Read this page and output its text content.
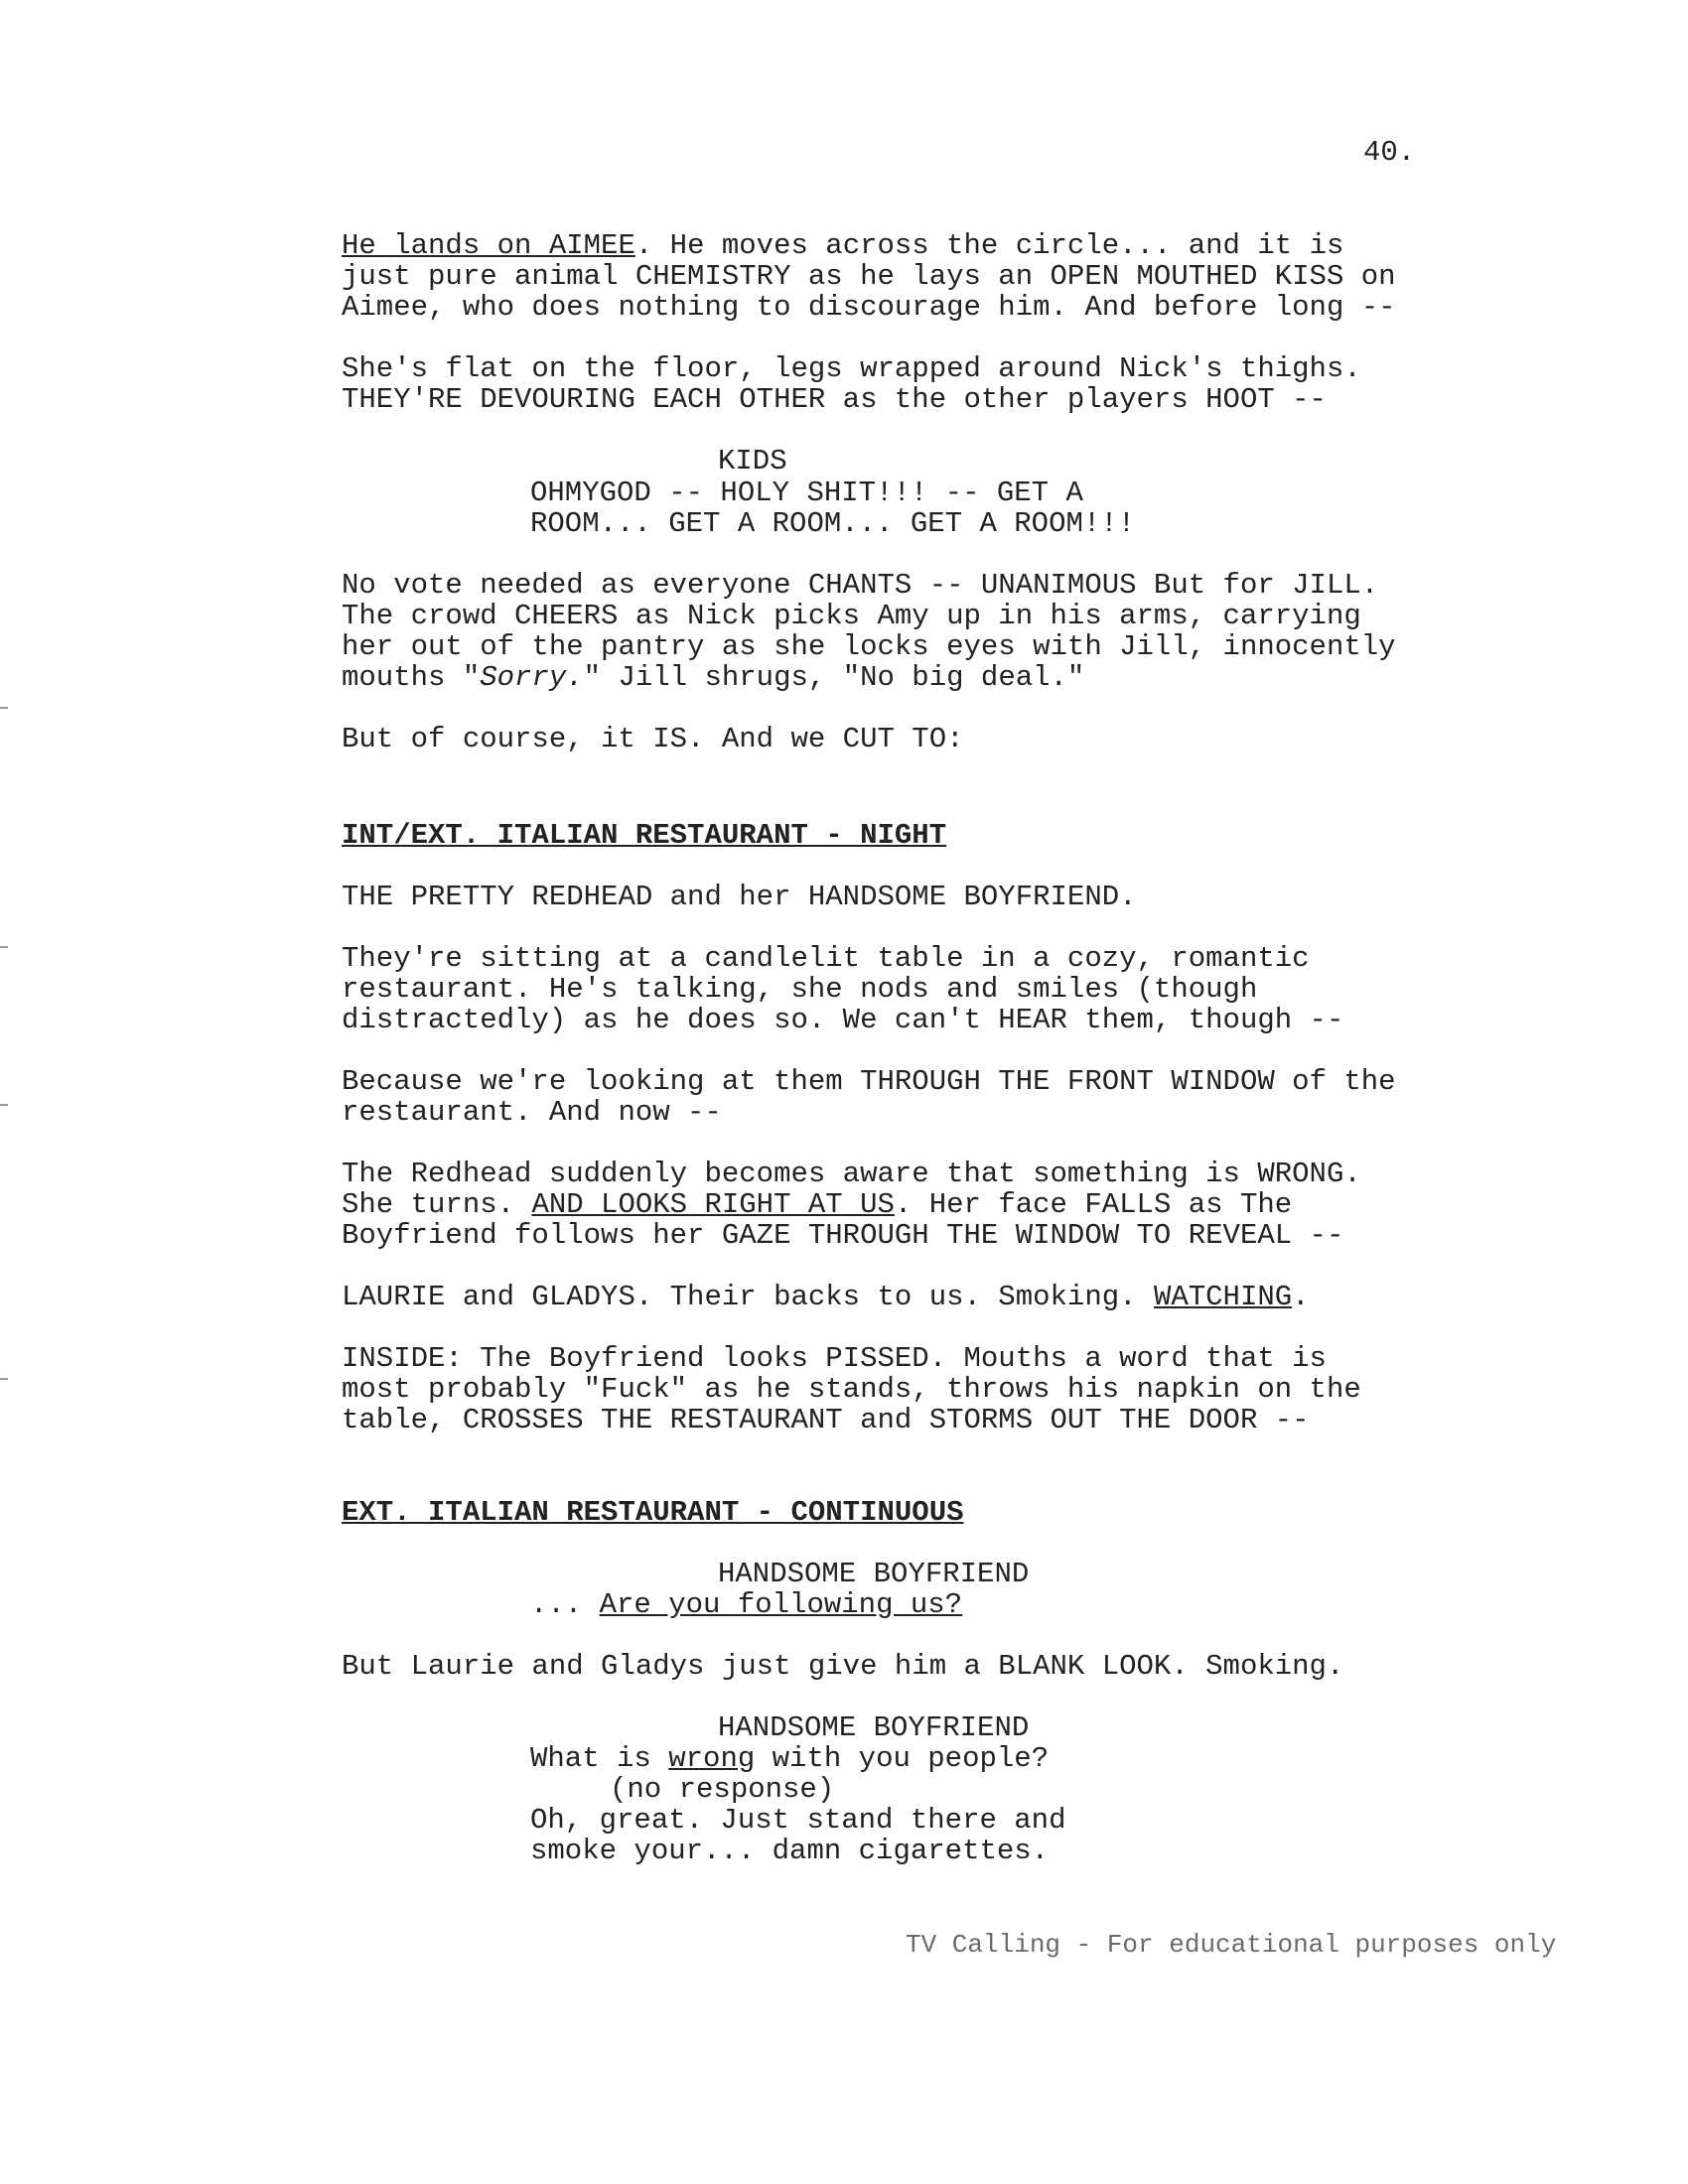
40.
He lands on AIMEE. He moves across the circle... and it is
just pure animal CHEMISTRY as he lays an OPEN MOUTHED KISS on
Aimee, who does nothing to discourage him. And before long --
She's flat on the floor, legs wrapped around Nick's thighs.
THEY'RE DEVOURING EACH OTHER as the other players HOOT --
KIDS
OHMYGOD -- HOLY SHIT!!! -- GET A
ROOM... GET A ROOM... GET A ROOM!!!
No vote needed as everyone CHANTS -- UNANIMOUS But for JILL.
The crowd CHEERS as Nick picks Amy up in his arms, carrying
her out of the pantry as she locks eyes with Jill, innocently
mouths "Sorry." Jill shrugs, "No big deal."
But of course, it IS. And we CUT TO:
INT/EXT. ITALIAN RESTAURANT - NIGHT
THE PRETTY REDHEAD and her HANDSOME BOYFRIEND.
They're sitting at a candlelit table in a cozy, romantic
restaurant. He's talking, she nods and smiles (though
distractedly) as he does so. We can't HEAR them, though --
Because we're looking at them THROUGH THE FRONT WINDOW of the
restaurant. And now --
The Redhead suddenly becomes aware that something is WRONG.
She turns. AND LOOKS RIGHT AT US. Her face FALLS as The
Boyfriend follows her GAZE THROUGH THE WINDOW TO REVEAL --
LAURIE and GLADYS. Their backs to us. Smoking. WATCHING.
INSIDE: The Boyfriend looks PISSED. Mouths a word that is
most probably "Fuck" as he stands, throws his napkin on the
table, CROSSES THE RESTAURANT and STORMS OUT THE DOOR --
EXT. ITALIAN RESTAURANT - CONTINUOUS
HANDSOME BOYFRIEND
... Are you following us?
But Laurie and Gladys just give him a BLANK LOOK. Smoking.
HANDSOME BOYFRIEND
What is wrong with you people?
(no response)
Oh, great. Just stand there and
smoke your... damn cigarettes.
TV Calling - For educational purposes only
